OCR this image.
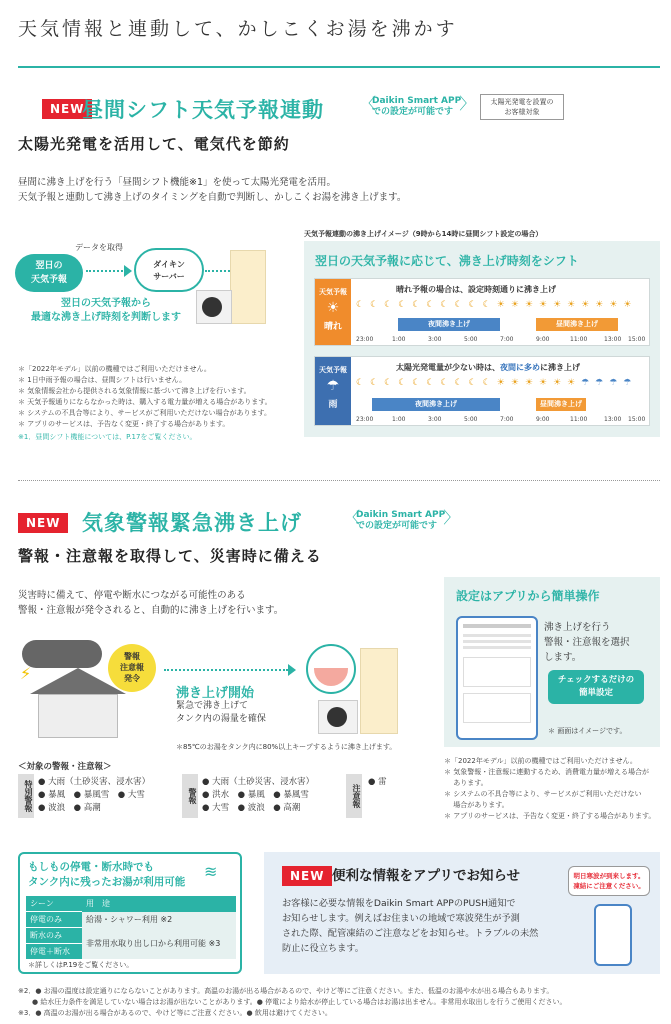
天気情報と連動して、かしこくお湯を沸かす
NEW
昼間シフト天気予報連動	〈 Daikin Smart APP
での設定が可能です
〉
太陽光発電を設置の
お客様対象
太陽光発電を活用して、電気代を節約
昼間に沸き上げを行う「昼間シフト機能※1」を使って太陽光発電を活用。
天気予報と連動して沸き上げのタイミングを自動で判断し、かしこくお湯を沸き上げます。
データを取得
翌日の
天気予報
ダイキン
サーバー
翌日の天気予報から
最適な沸き上げ時刻を判断します
＊「2022年モデル」以前の機種ではご利用いただけません。
＊ 1日中雨予報の場合は、昼間シフトは行いません。
＊ 気象情報会社から提供される気象情報に基づいて沸き上げを行います。
＊ 天気予報通りにならなかった時は、購入する電力量が増える場合があります。
＊ システムの不具合等により、サービスがご利用いただけない場合があります。
＊ アプリのサービスは、予告なく変更・終了する場合があります。
※1．昼間シフト機能については、P.17をご覧ください。
天気予報連動の沸き上げイメージ（9時から14時に昼間シフト設定の場合）
翌日の天気予報に応じて、沸き上げ時刻をシフト
天気予報
☀
晴れ
晴れ予報の場合は、設定時刻通りに沸き上げ
☾☾☾☾☾☾☾☾☾☾☀☀☀☀☀☀☀☀☀☀
夜間沸き上げ	昼間沸き上げ
23:00	1:00	3:00	5:00	7:00	9:00	11:00	13:00 15:00
天気予報
☂
雨
太陽光発電量が少ない時は、夜間に多めに沸き上げ
☾☾☾☾☾☾☾☾☾☾☀☀☀☀☀☀☂☂☂☂
夜間沸き上げ	昼間沸き上げ
23:00	1:00	3:00	5:00	7:00	9:00	11:00	13:00 15:00
NEW	気象警報緊急沸き上げ	〈 Daikin Smart APP
での設定が可能です
〉
警報・注意報を取得して、災害時に備える
災害時に備えて、停電や断水につながる可能性のある
警報・注意報が発令されると、自動的に沸き上げを行います。
⚡
警報
注意報
発令
沸き上げ開始
緊急で沸き上げて
タンク内の湯量を確保
＊85℃のお湯をタンク内に80%以上キープするように沸き上げます。
＜対象の警報・注意報＞
特別警報 ● 大雨（土砂災害、浸水害）
● 暴風　● 暴風雪　● 大雪
● 波浪　● 高潮
警報
● 大雨（土砂災害、浸水害）
● 洪水　● 暴風　● 暴風雪
● 大雪　● 波浪　● 高潮	注意報
● 雷
設定はアプリから簡単操作
沸き上げを行う
警報・注意報を選択
します。
チェックするだけの
簡単設定
＊ 画面はイメージです。
＊「2022年モデル」以前の機種ではご利用いただけません。
＊ 気象警報・注意報に連動するため、消費電力量が増える場合が
　 あります。
＊ システムの不具合等により、サービスがご利用いただけない
　 場合があります。
＊ アプリのサービスは、予告なく変更・終了する場合があります。
もしもの停電・断水時でも
タンク内に残ったお湯が利用可能
≋
シーン	用　途
停電のみ	給湯・シャワー利用 ※2
断水のみ	非常用水取り出し口から利用可能 ※3
停電＋断水	
＊詳しくはP.19をご覧ください。
NEW 便利な情報をアプリでお知らせ
お客様に必要な情報をDaikin Smart APPのPUSH通知で
お知らせします。例えばお住まいの地域で寒波発生が予測
された際、配管凍結のご注意などをお知らせ。トラブルの未然
防止に役立ちます。
明日寒波が到来します。
凍結にご注意ください。
※2．● お湯の温度は設定通りにならないことがあります。高温のお湯が出る場合があるので、やけど等にご注意ください。また、低温のお湯や水が出る場合もあります。
　　● 給水圧力条件を満足していない場合はお湯が出ないことがあります。● 停電により給水が停止している場合はお湯は出ません。非常用水取出しを行うご使用ください。
※3．● 高温のお湯が出る場合があるので、やけど等にご注意ください。● 飲用は避けてください。
